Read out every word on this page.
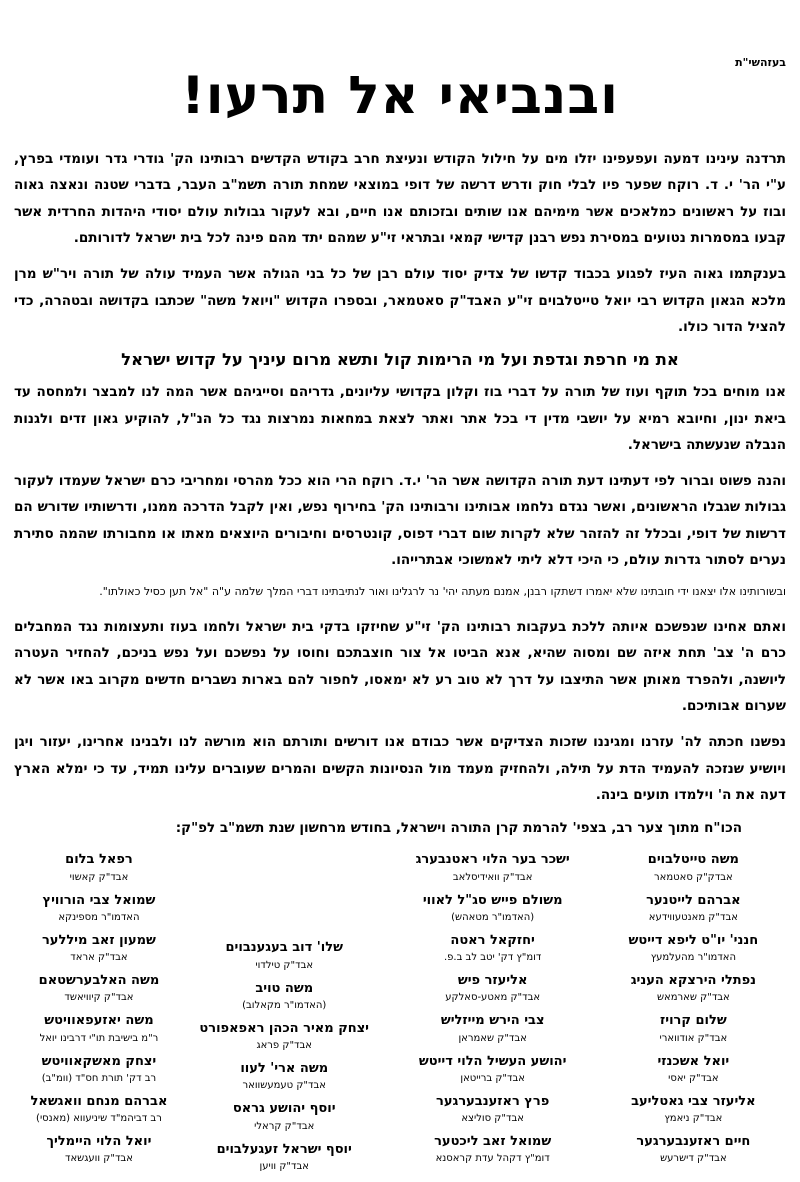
בעזהשי"ת
ובנביאי אל תרעו!
תרדנה עינינו דמעה ועפעפינו יזלו מים על חילול הקודש ונעיצת חרב בקודש הקדשים רבותינו הק' גודרי גדר ועומדי בפרץ, ע"י הר' י. ד. רוקח שפער פיו לבלי חוק ודרש דרשה של דופי במוצאי שמחת תורה תשמ"ב העבר, בדברי שטנה ונאצה גאוה ובוז על ראשונים כמלאכים אשר מימיהם אנו שותים ובזכותם אנו חיים, ובא לעקור גבולות עולם יסודי היהדות החרדית אשר קבעו במסמרות נטועים במסירת נפש רבנן קדישי קמאי ובתראי זי"ע שמהם יתד מהם פינה לכל בית ישראל לדורותם.
בענקתמו גאוה העיז לפגוע בכבוד קדשו של צדיק יסוד עולם רבן של כל בני הגולה אשר העמיד עולה של תורה ויר"ש מרן מלכא הגאון הקדוש רבי יואל טייטלבוים זי"ע האבד"ק סאטמאר, ובספרו הקדוש "ויואל משה" שכתבו בקדושה ובטהרה, כדי להציל הדור כולו.
את מי חרפת וגדפת ועל מי הרימות קול ותשא מרום עיניך על קדוש ישראל
אנו מוחים בכל תוקף ועוז של תורה על דברי בוז וקלון בקדושי עליונים, גדריהם וסייגיהם אשר המה לנו למבצר ולמחסה עד ביאת ינון, וחיובא רמיא על יושבי מדין די בכל אתר ואתר לצאת במחאות נמרצות נגד כל הנ"ל, להוקיע גאון זדים ולגנות הנבלה שנעשתה בישראל.
והנה פשוט וברור לפי דעתינו דעת תורה הקדושה אשר הר' י.ד. רוקח הרי הוא ככל מהרסי ומחריבי כרם ישראל שעמדו לעקור גבולות שגבלו הראשונים, ואשר נגדם נלחמו אבותינו ורבותינו הק' בחירוף נפש, ואין לקבל הדרכה ממנו, ודרשותיו שדורש הם דרשות של דופי, ובכלל זה להזהר שלא לקרות שום דברי דפוס, קונטרסים וחיבורים היוצאים מאתו או מחבורתו שהמה סתירת נערים לסתור גדרות עולם, כי היכי דלא ליתי לאמשוכי אבתרייהו.
ובשורותינו אלו יצאנו ידי חובתינו שלא יאמרו דשתקו רבנן, אמנם מעתה יהי' נר לרגלינו ואור לנתיבתינו דברי המלך שלמה ע"ה "אל תען כסיל כאולתו".
ואתם אחינו שנפשכם איותה ללכת בעקבות רבותינו הק' זי"ע שחיזקו בדקי בית ישראל ולחמו בעוז ותעצומות נגד המחבלים כרם ה' צב' תחת איזה שם ומסוה שהיא, אנא הביטו אל צור חוצבתכם וחוסו על נפשכם ועל נפש בניכם, להחזיר העטרה ליושנה, ולהפרד מאותן אשר התיצבו על דרך לא טוב רע לא ימאסו, לחפור להם בארות נשברים חדשים מקרוב באו אשר לא שערום אבותיכם.
נפשנו חכתה לה' עזרנו ומגיננו שזכות הצדיקים אשר כבודם אנו דורשים ותורתם הוא מורשה לנו ולבנינו אחרינו, יעזור ויגן ויושיע שנזכה להעמיד הדת על תילה, ולהחזיק מעמד מול הנסיונות הקשים והמרים שעוברים עלינו תמיד, עד כי ימלא הארץ דעה את ה' וילמדו תועים בינה.
הכו"ח מתוך צער רב, בצפי' להרמת קרן התורה וישראל, בחודש מרחשון שנת תשמ"ב לפ"ק:
משה טייטלבוים
אבדק"ק סאטמאר
אברהם לייטנער
אבד"ק מאנטעווידעא
חנני' יו"ט ליפא דייטש
האדמו"ר מהעלמעץ
נפתלי הירצקא העניג
אבד"ק שארמאש
שלום קרויז
אבד"ק אודווארי
יואל אשכנזי
אבד"ק יאסי
אליעזר צבי גאטליעב
אבד"ק ניאמץ
חיים ראזענבערגער
אבד"ק דישרעש
ישכר בער הלוי ראטנבערג
אבד"ק וואידיסלאב
משולם פייש סג"ל לאווי
(האדמו"ר מטאהש)
יחזקאל ראטה
דומ"ץ דק' יטב לב ב.פ.
אליעזר פיש
אבד"ק מאטע-סאלקע
צבי הירש מייזליש
אבד"ק שאמראן
יהושע העשיל הלוי דייטש
אבד"ק ברייטאן
פרץ ראזענבערגער
אבד"ק סוליצא
שמואל זאב ליכטער
דומ"ץ דקהל עדת קראסנא
שלו' דוב בעגענבוים
אבד"ק טילדוי
משה טויב
(האדמו"ר מקאלוב)
יצחק מאיר הכהן ראפאפורט
אבד"ק פראג
משה ארי' לעוו
אבד"ק טעמעשוואר
יוסף יהושע גראס
אבד"ק קראלי
יוסף ישראל זעגעלבוים
אבד"ק וויען
רפאל בלום
אבד"ק קאשוי
שמואל צבי הורוויץ
האדמו"ר מספינקא
שמעון זאב מיללער
אבד"ק אראד
משה האלבערשטאם
אבד"ק קיוויאשד
משה יאזעפאוויטש
ר"מ בישיבת תו"י דרבינו יואל
יצחק מאשקאוויטש
רב דק' תורת חס"ד (וומ"ב)
אברהם מנחם וואגשאל
רב דביהמ"ד שיניעווא (מאנסי)
יואל הלוי היימליך
אבד"ק וועגשאד
